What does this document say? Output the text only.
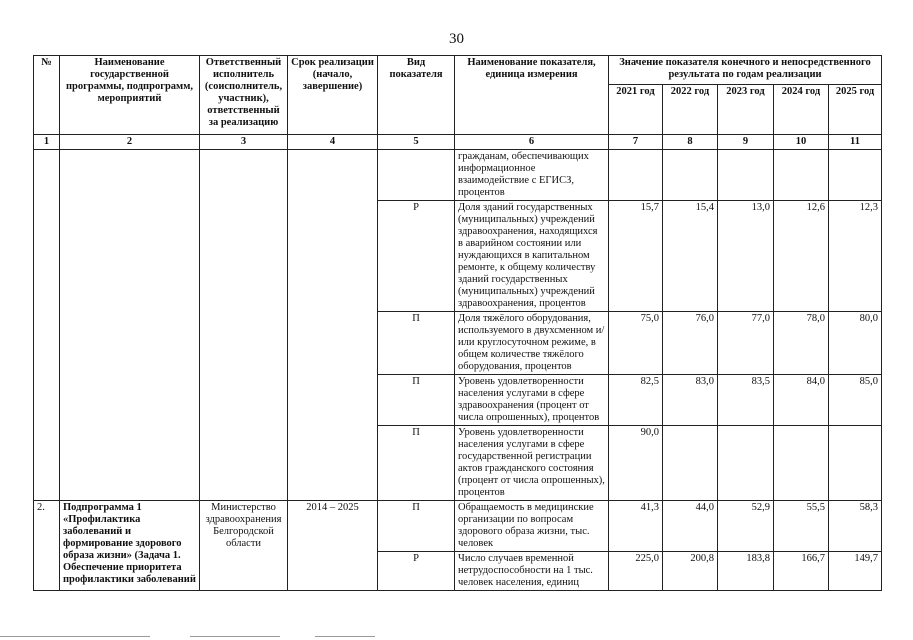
30
№	Наименование государственной программы, подпрограмм, мероприятий	Ответственный исполнитель (соисполнитель, участник), ответственный за реализацию	Срок реализации (начало, завершение)	Вид показателя	Наименование показателя, единица измерения	Значение показателя конечного и непосредственного результата по годам реализации				
						2021 год	2022 год	2023 год	2024 год	2025 год
1	2	3	4	5	6	7	8	9	10	11
					гражданам, обеспечивающих информационное взаимодействие с ЕГИСЗ, процентов					
				Р	Доля зданий государственных (муниципальных) учреждений здравоохранения, находящихся в аварийном состоянии или нуждающихся в капитальном ремонте, к общему количеству зданий государственных (муниципальных) учреждений здравоохранения, процентов	15,7	15,4	13,0	12,6	12,3
				П	Доля тяжёлого оборудования, используемого в двухсменном и/или круглосуточном режиме, в общем количестве тяжёлого оборудования, процентов	75,0	76,0	77,0	78,0	80,0
				П	Уровень удовлетворенности населения услугами в сфере здравоохранения (процент от числа опрошенных), процентов	82,5	83,0	83,5	84,0	85,0
				П	Уровень удовлетворенности населения услугами в сфере государственной регистрации актов гражданского состояния (процент от числа опрошенных), процентов	90,0				
2.	Подпрограмма 1 «Профилактика заболеваний и формирование здорового образа жизни» (Задача 1. Обеспечение приоритета профилактики заболеваний	Министерство здравоохранения Белгородской области	2014 – 2025	П	Обращаемость в медицинские организации по вопросам здорового образа жизни, тыс. человек	41,3	44,0	52,9	55,5	58,3
				Р	Число случаев временной нетрудоспособности на 1 тыс. человек населения, единиц	225,0	200,8	183,8	166,7	149,7
